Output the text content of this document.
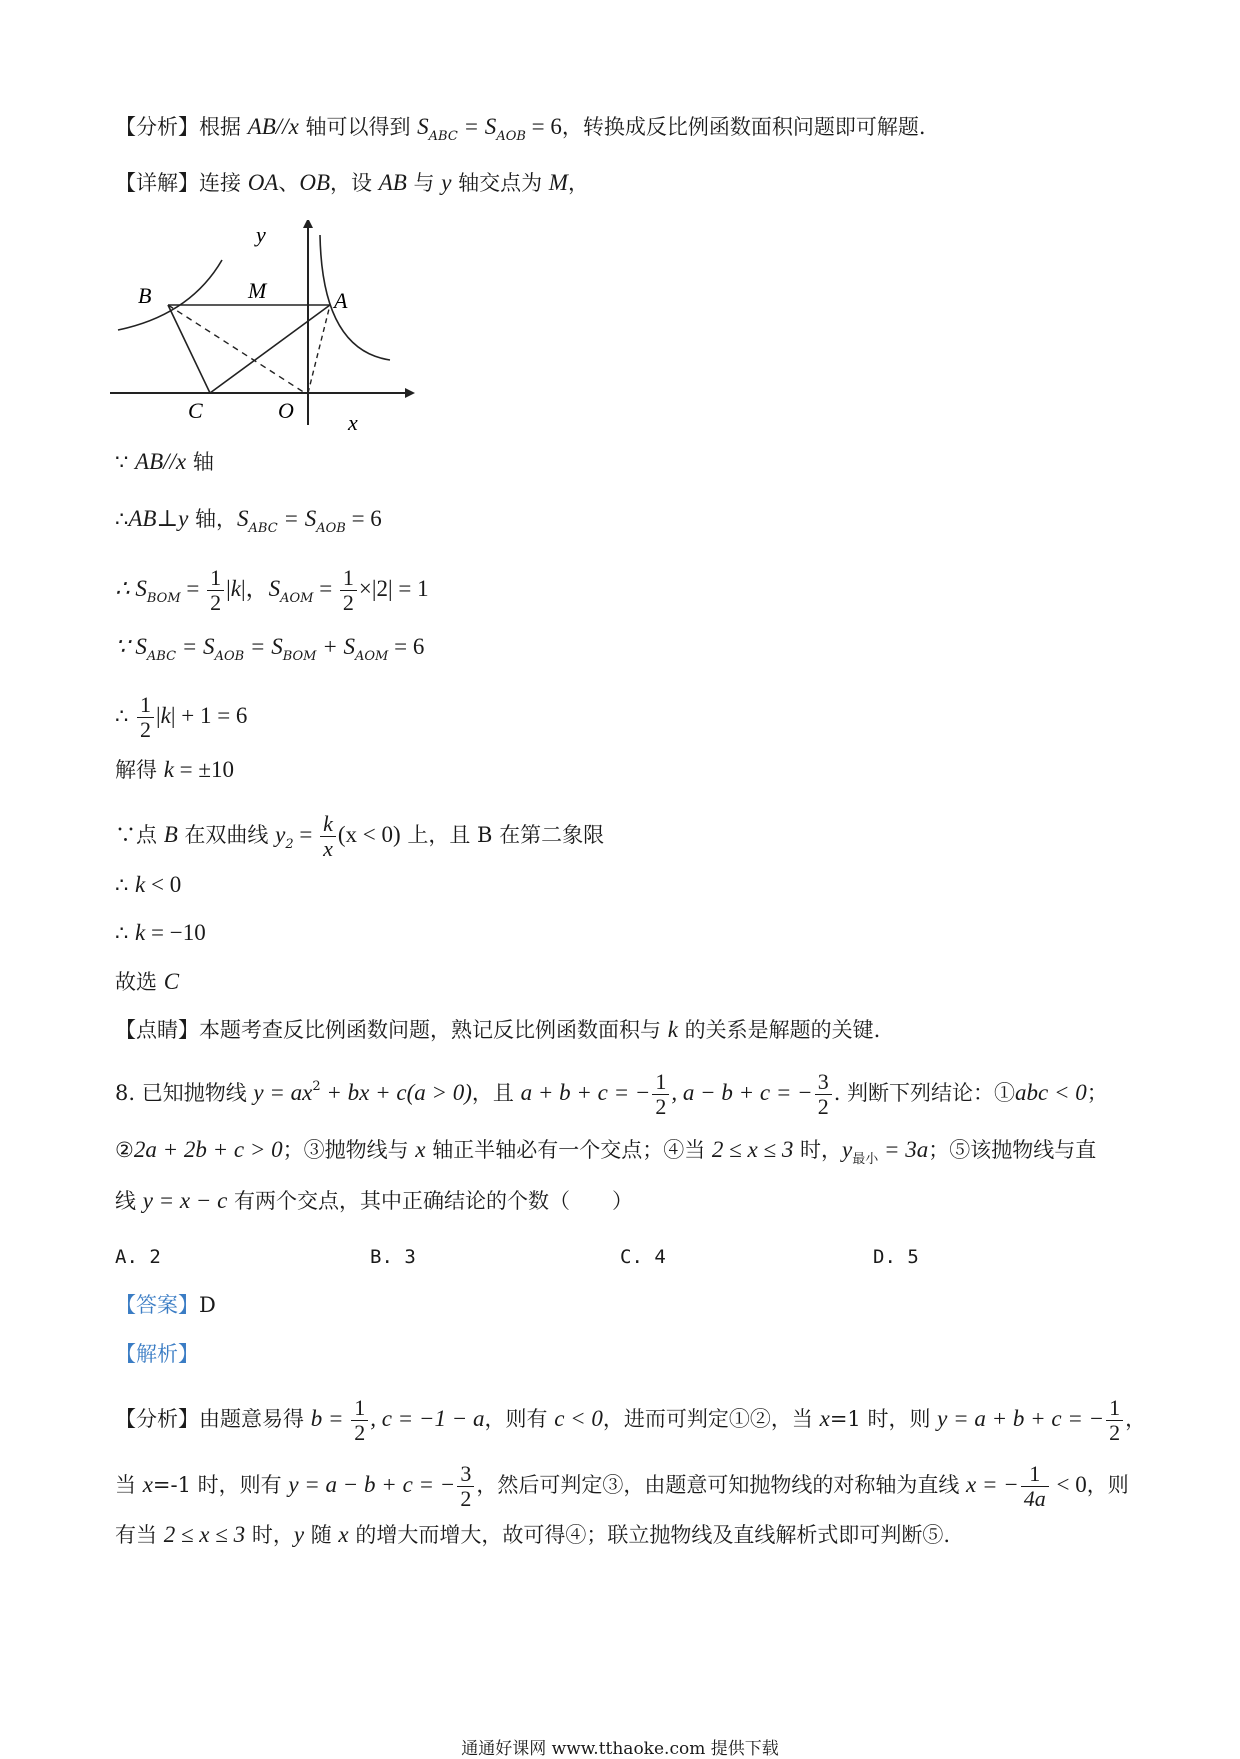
【分析】根据 AB//x 轴可以得到 $S_{ABC} = S_{AOB} = 6$，转换成反比例函数面积问题即可解题.
【详解】连接 OA、OB，设 AB 与 y 轴交点为 M，
y
x
B	M	A
C	O
∵ AB//x 轴
∴AB⊥y 轴，$S_{ABC} = S_{AOB} = 6$
∴ $S_{BOM} = \frac{1}{2} |k|$，$S_{AOM} = \frac{1}{2} \times|2| = 1$
∵ $S_{ABC} = S_{AOB} = S_{BOM} + S_{AOM} = 6$
∴ $\frac{1}{2} |k| + 1 = 6$
解得 k = ±10
∵点 B 在双曲线 $y_2 = \frac{k}{x} (x < 0)$ 上，且 B 在第二象限
∴ k < 0
∴ k = −10
故选 C
【点睛】本题考查反比例函数问题，熟记反比例函数面积与 k 的关系是解题的关键.
8. 已知抛物线 $y = ax^2$ + bx + c(a > 0)，且 a + b + c = − $\frac{1}{2}$ , a − b + c = − $\frac{3}{2}$ . 判断下列结论：①abc < 0；
②2a + 2b + c > 0；③抛物线与 x 轴正半轴必有一个交点；④当 2 ≤ x ≤ 3 时，$y_{最小} = 3a$；⑤该抛物线与直
线 y = x − c 有两个交点，其中正确结论的个数（　　）
A. 2	B. 3	C. 4	D. 5
【答案】D
【解析】
【分析】由题意易得 $b = \frac{1}{2}$ , c = −1 − a，则有 c < 0，进而可判定①②，当 x=1 时，则 y = a + b + c = − $\frac{1}{2}$ ，
当 x=-1 时，则有 y = a − b + c = − $\frac{3}{2}$ ，然后可判定③，由题意可知抛物线的对称轴为直线 x = − $\frac{1}{4a} < 0$，则
有当 2 ≤ x ≤ 3 时，y 随 x 的增大而增大，故可得④；联立抛物线及直线解析式即可判断⑤.
通通好课网 www.tthaoke.com 提供下载
